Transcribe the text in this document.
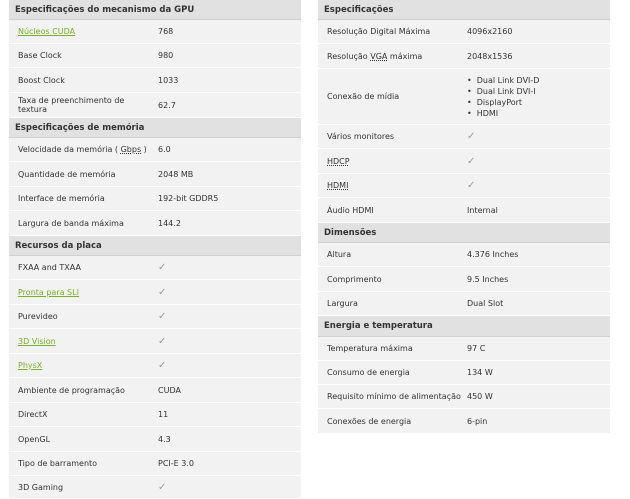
Especificações do mecanismo da GPU
Núcleos CUDA	768
Base Clock	980
Boost Clock	1033
Taxa de preenchimento de textura	62.7
Especificações de memória
Velocidade da memória ( Gbps )	6.0
Quantidade de memória	2048 MB
Interface de memória	192-bit GDDR5
Largura de banda máxima	144.2
Recursos da placa
FXAA and TXAA	✓
Pronta para SLI	✓
Purevideo	✓
3D Vision	✓
PhysX	✓
Ambiente de programação	CUDA
DirectX	11
OpenGL	4.3
Tipo de barramento	PCI-E 3.0
3D Gaming	✓
Especificações
Resolução Digital Máxima	4096x2160
Resolução VGA máxima	2048x1536
Conexão de mídia
• Dual Link DVI-D
• Dual Link DVI-I
• DisplayPort
• HDMI
Vários monitores	✓
HDCP	✓
HDMI	✓
Áudio HDMI	Internal
Dimensões
Altura	4.376 Inches
Comprimento	9.5 Inches
Largura	Dual Slot
Energia e temperatura
Temperatura máxima	97 C
Consumo de energia	134 W
Requisito mínimo de alimentação 450 W
Conexões de energia	6-pin
